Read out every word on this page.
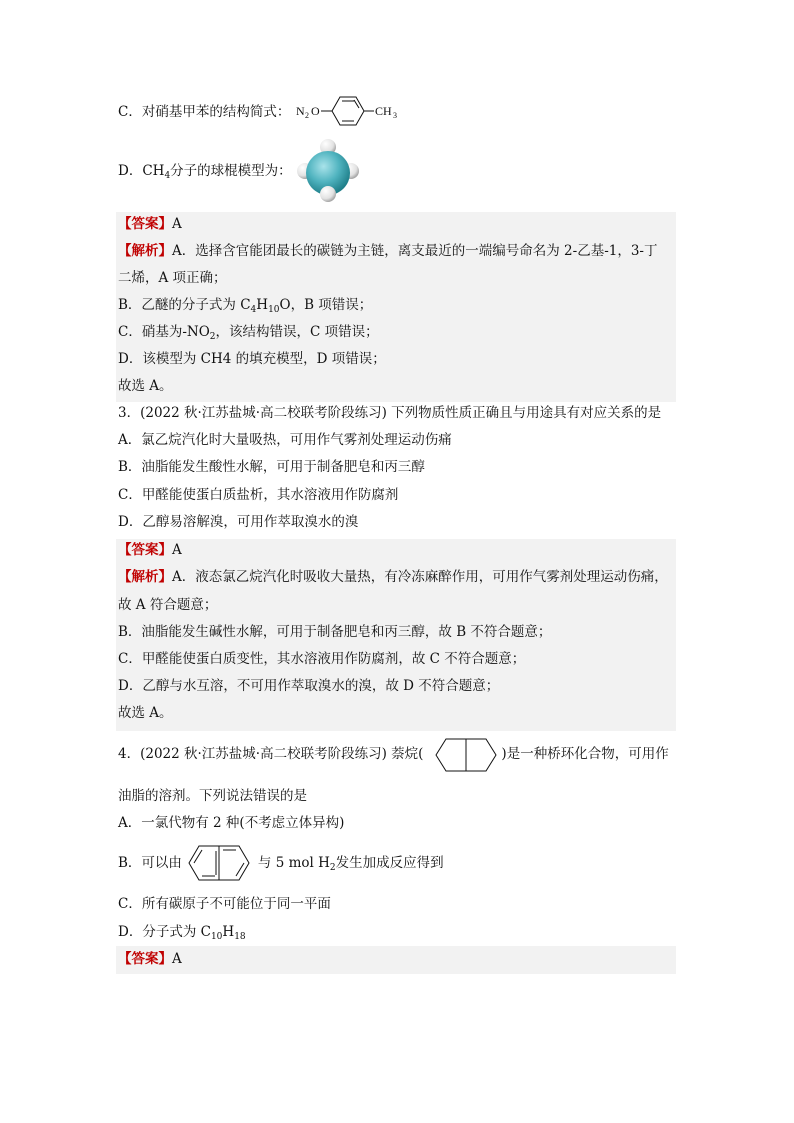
C．对硝基甲苯的结构简式： N 2 O	CH 3
D．$CH_4$分子的球棍模型为：
【答案】A
【解析】A．选择含官能团最长的碳链为主链，离支最近的一端编号命名为 2-乙基-1，3-丁
二烯，A 项正确；
B．乙醚的分子式为 $C_4H_{10}O$，B 项错误；
C．硝基为$-NO_2$，该结构错误，C 项错误；
D．该模型为 CH4 的填充模型，D 项错误；
故选 A。
3．(2022 秋·江苏盐城·高二校联考阶段练习) 下列物质性质正确且与用途具有对应关系的是
A．氯乙烷汽化时大量吸热，可用作气雾剂处理运动伤痛
B．油脂能发生酸性水解，可用于制备肥皂和丙三醇
C．甲醛能使蛋白质盐析，其水溶液用作防腐剂
D．乙醇易溶解溴，可用作萃取溴水的溴
【答案】A
【解析】A．液态氯乙烷汽化时吸收大量热，有冷冻麻醉作用，可用作气雾剂处理运动伤痛，
故 A 符合题意；
B．油脂能发生碱性水解，可用于制备肥皂和丙三醇，故 B 不符合题意；
C．甲醛能使蛋白质变性，其水溶液用作防腐剂，故 C 不符合题意；
D．乙醇与水互溶，不可用作萃取溴水的溴，故 D 不符合题意；
故选 A。
4．(2022 秋·江苏盐城·高二校联考阶段练习) 萘烷(	)是一种桥环化合物，可用作
油脂的溶剂。下列说法错误的是
A．一氯代物有 2 种(不考虑立体异构)
B．可以由	与 5 mol $H_2$发生加成反应得到
C．所有碳原子不可能位于同一平面
D．分子式为 $C_{10}H_{18}$
【答案】A
